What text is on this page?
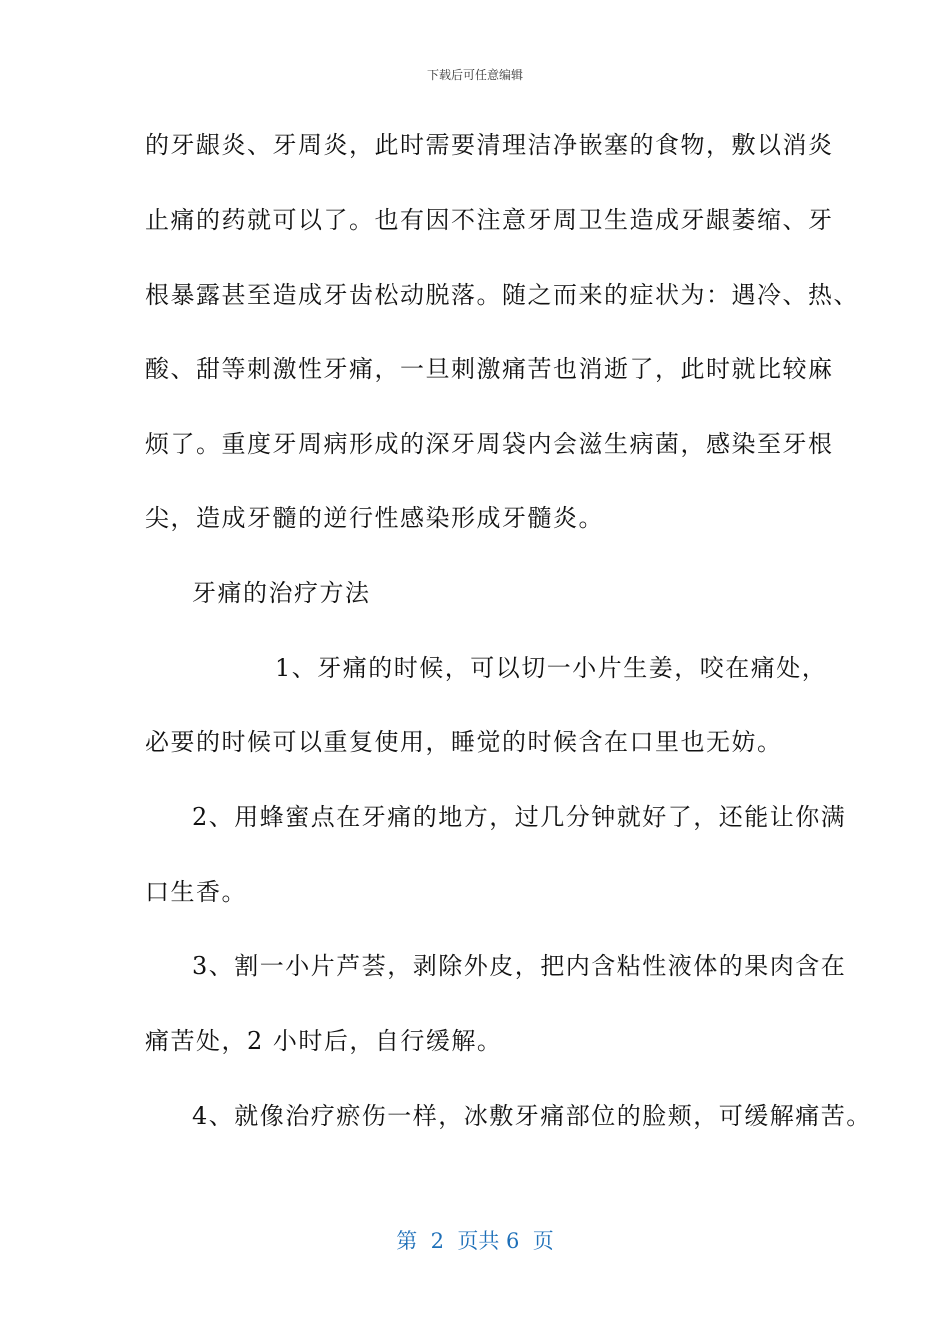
下载后可任意编辑
的牙龈炎、牙周炎，此时需要清理洁净嵌塞的食物，敷以消炎
止痛的药就可以了。也有因不注意牙周卫生造成牙龈萎缩、牙
根暴露甚至造成牙齿松动脱落。随之而来的症状为：遇冷、热、
酸、甜等刺激性牙痛，一旦刺激痛苦也消逝了，此时就比较麻
烦了。重度牙周病形成的深牙周袋内会滋生病菌，感染至牙根
尖，造成牙髓的逆行性感染形成牙髓炎。
牙痛的治疗方法
1、牙痛的时候，可以切一小片生姜，咬在痛处，
必要的时候可以重复使用，睡觉的时候含在口里也无妨。
2、用蜂蜜点在牙痛的地方，过几分钟就好了，还能让你满
口生香。
3、割一小片芦荟，剥除外皮，把内含粘性液体的果肉含在
痛苦处，2 小时后，自行缓解。
4、就像治疗瘀伤一样，冰敷牙痛部位的脸颊，可缓解痛苦。
第  2  页共 6  页
